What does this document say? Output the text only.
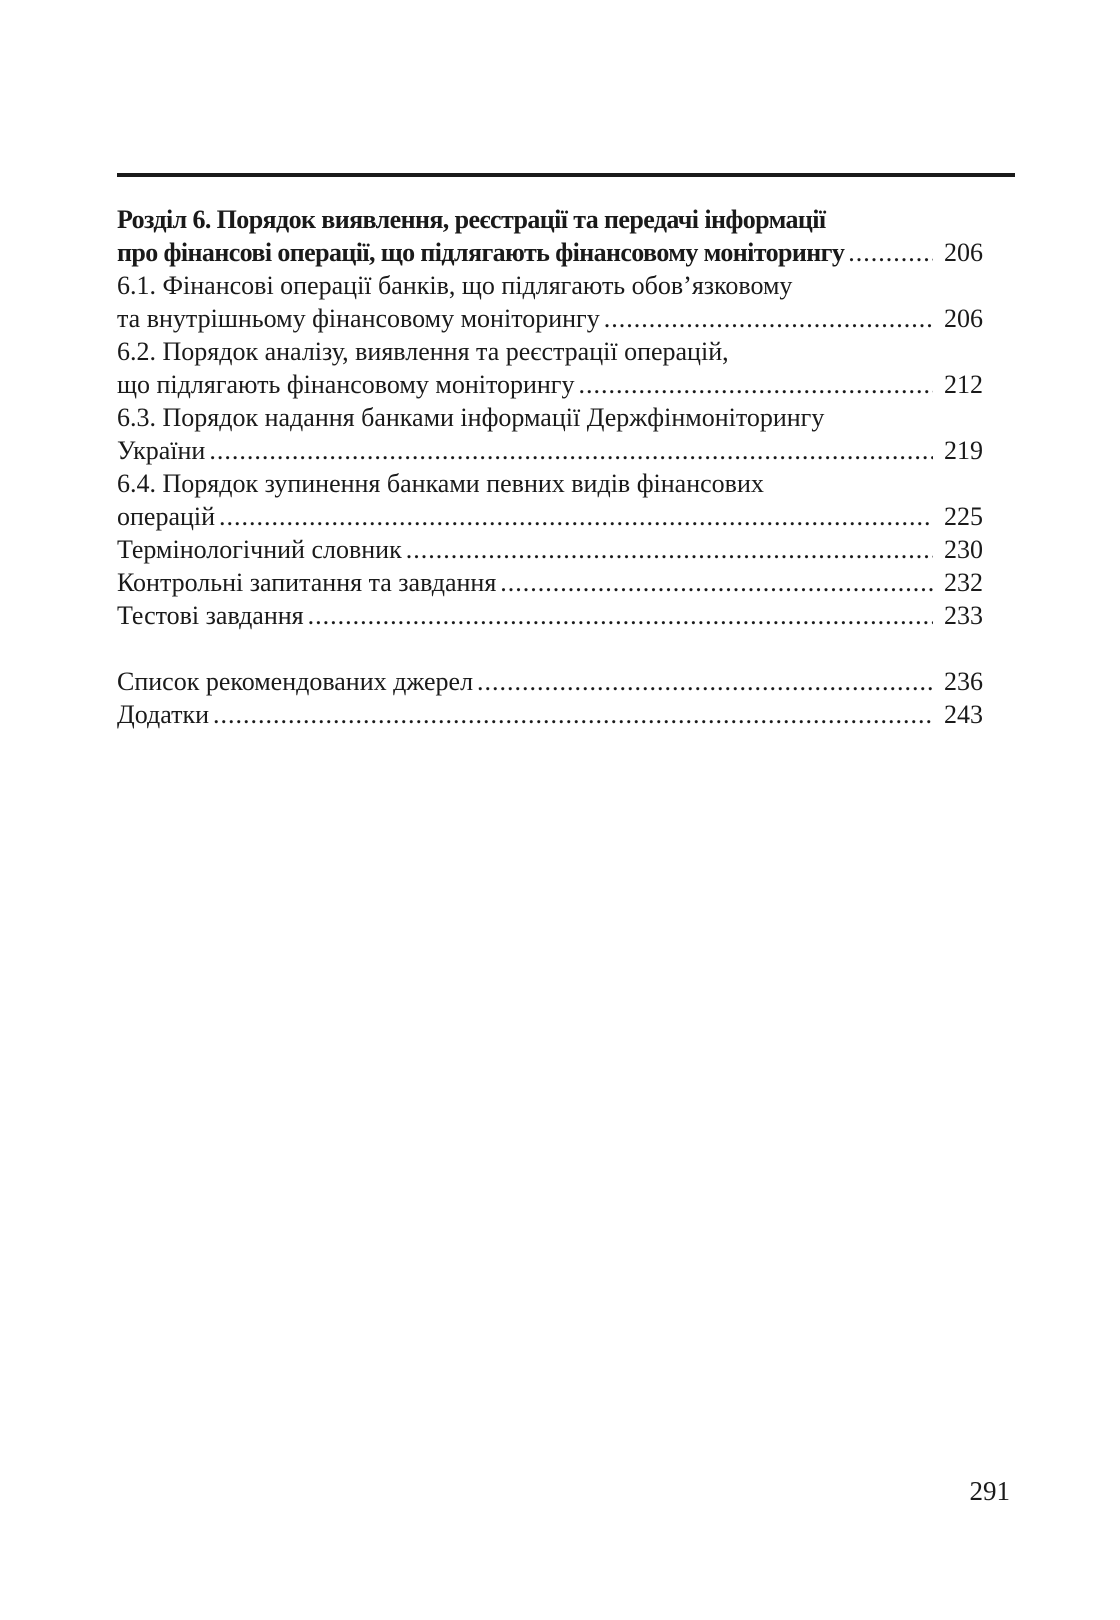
Розділ 6. Порядок виявлення, реєстрації та передачі інформації
про фінансові операції, що підлягають фінансовому моніторингу .....	206
6.1. Фінансові операції банків, що підлягають обов’язковому
та внутрішньому фінансовому моніторингу .....	206
6.2. Порядок аналізу, виявлення та реєстрації операцій,
що підлягають фінансовому моніторингу .....	212
6.3. Порядок надання банками інформації Держфінмоніторингу
України .....	219
6.4. Порядок зупинення банками певних видів фінансових
операцій .....	225
Термінологічний словник .....	230
Контрольні запитання та завдання .....	232
Тестові завдання .....	233
Список рекомендованих джерел .....	236
Додатки .....	243
291
